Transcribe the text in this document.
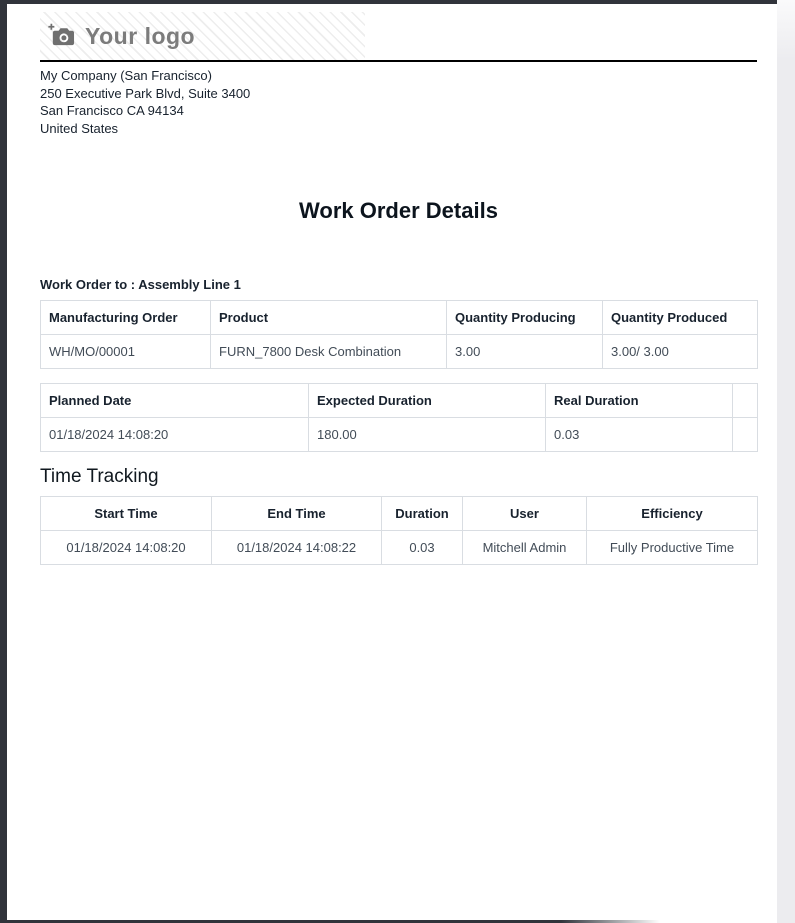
Your logo
My Company (San Francisco)
250 Executive Park Blvd, Suite 3400
San Francisco CA 94134
United States
Work Order Details
Work Order to : Assembly Line 1
Manufacturing Order	Product	Quantity Producing	Quantity Produced
WH/MO/00001	FURN_7800 Desk Combination	3.00	3.00/ 3.00
Planned Date	Expected Duration	Real Duration	
01/18/2024 14:08:20	180.00	0.03	
Time Tracking
Start Time	End Time	Duration	User	Efficiency
01/18/2024 14:08:20	01/18/2024 14:08:22	0.03	Mitchell Admin	Fully Productive Time
